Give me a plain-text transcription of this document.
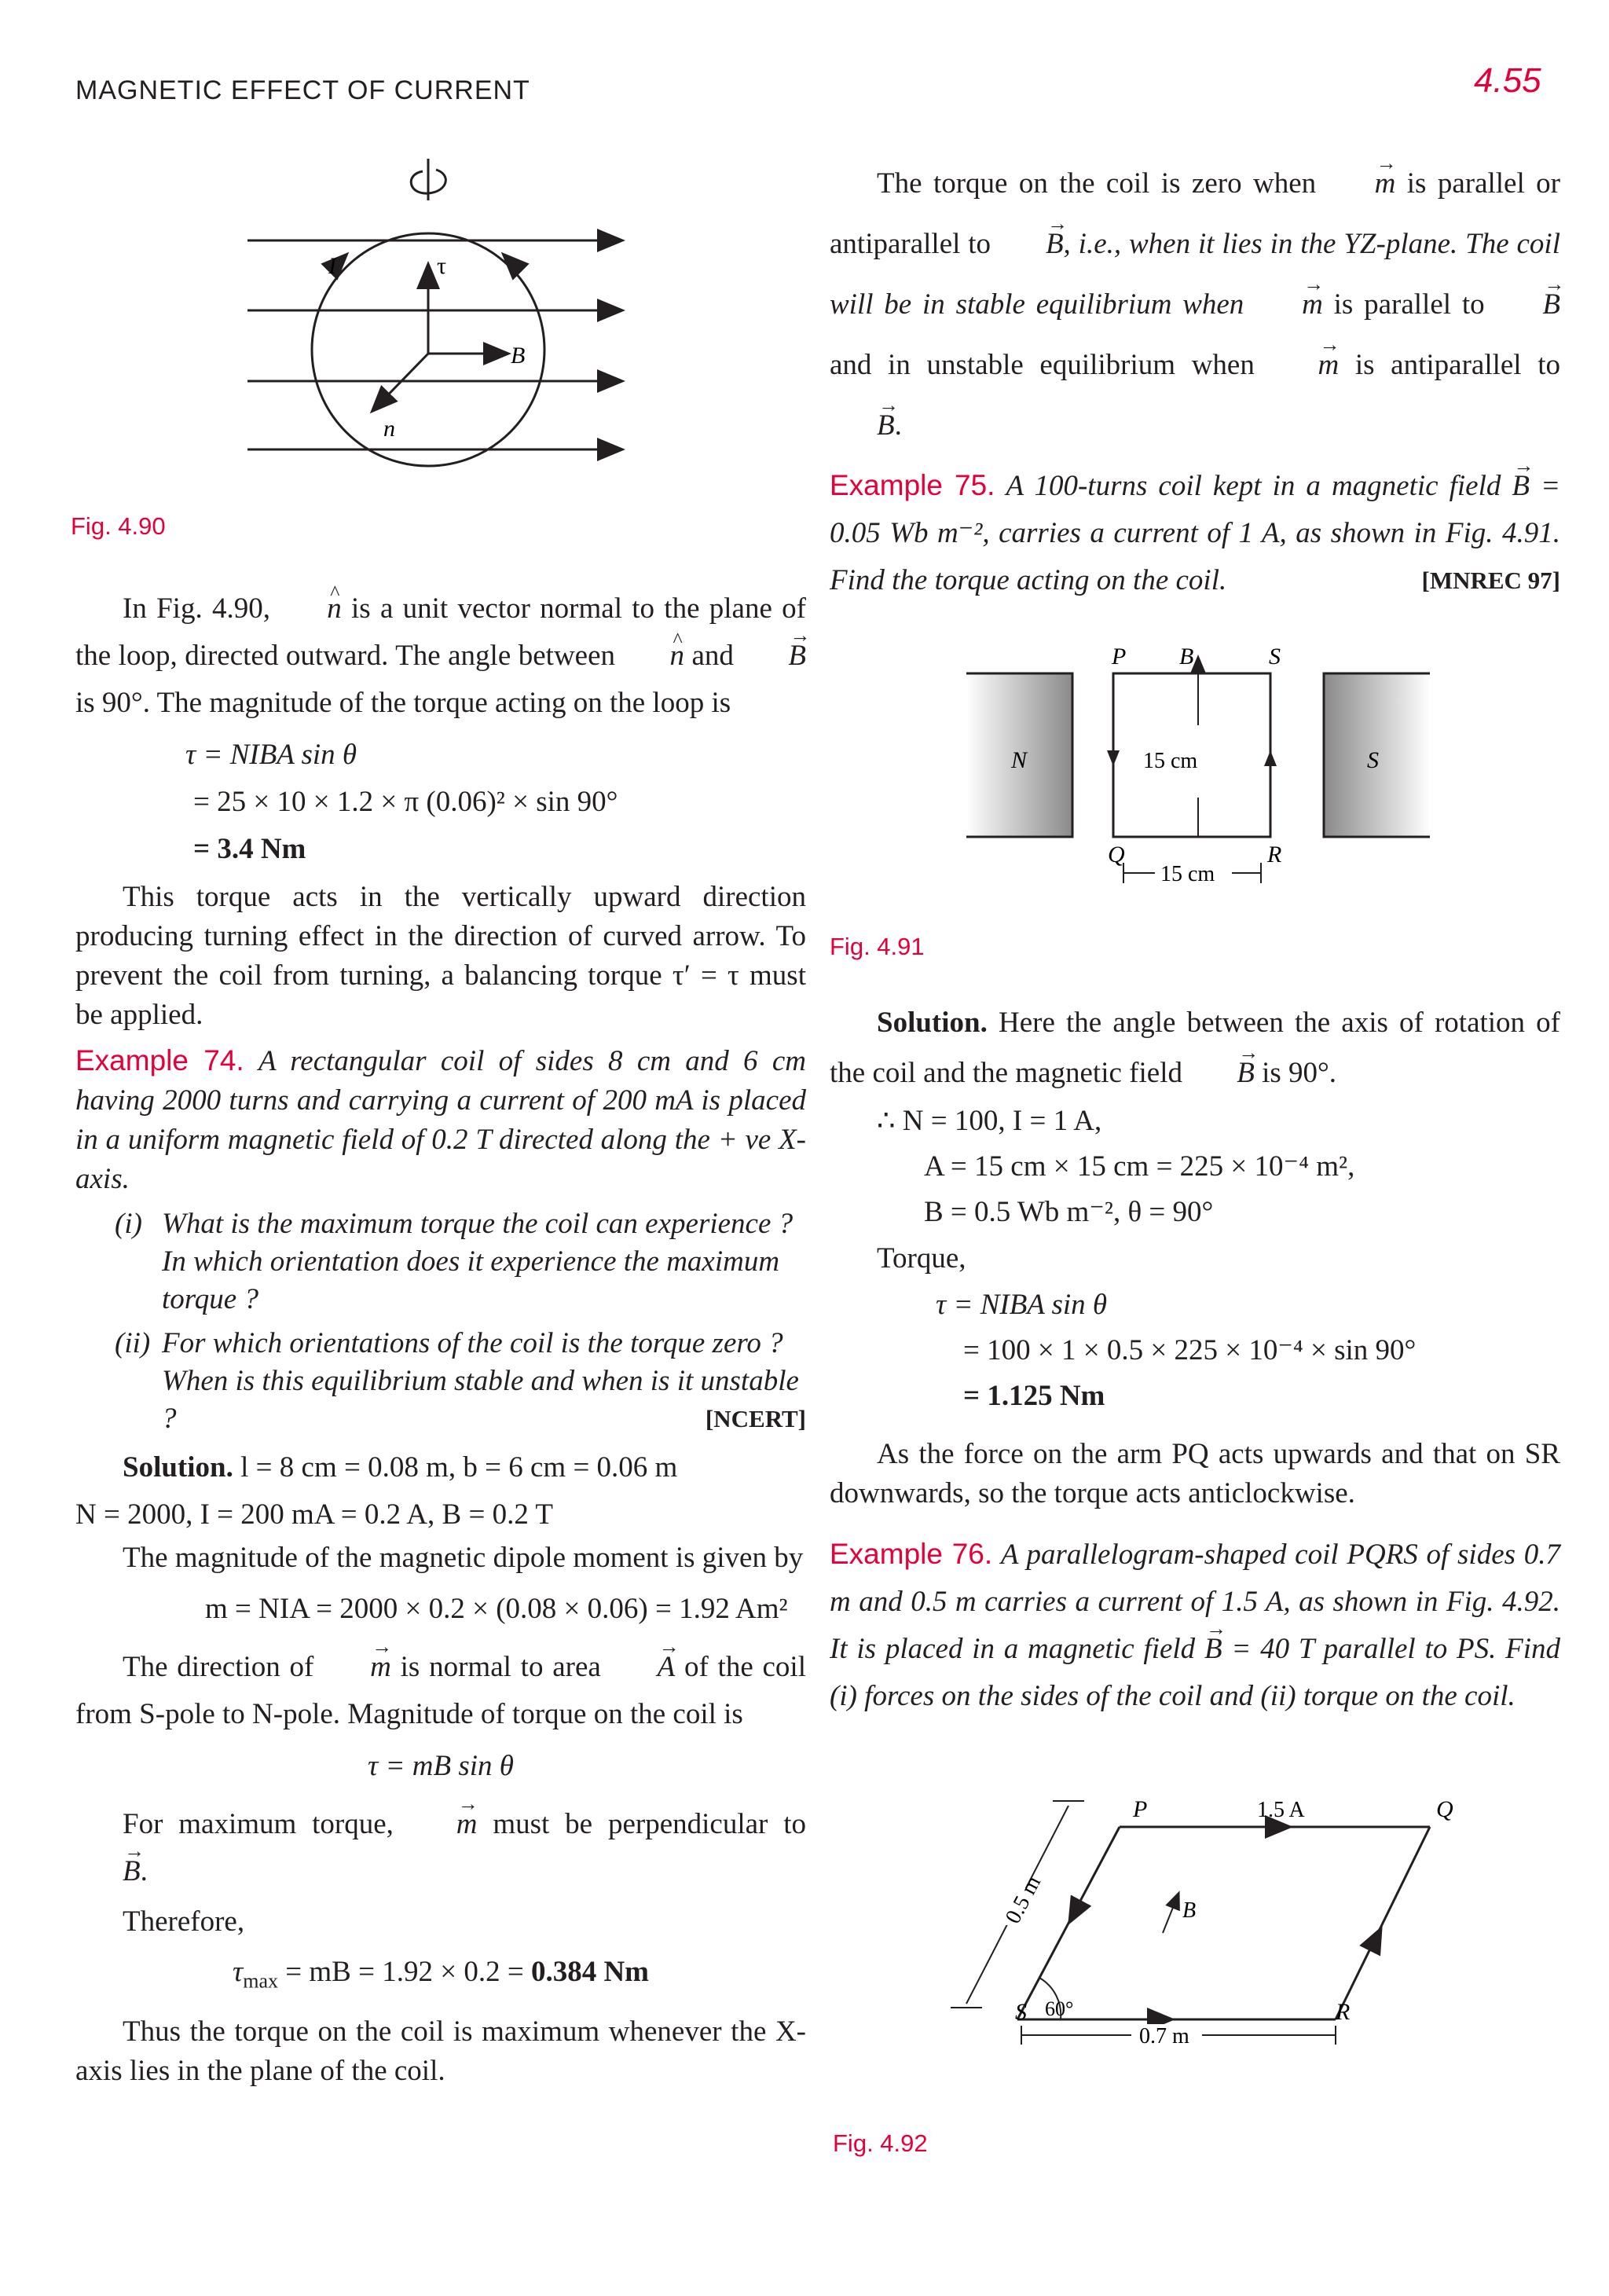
MAGNETIC EFFECT OF CURRENT	4.55
I	τ
B
n
Fig. 4.90

In Fig. 4.90, ^ n is a unit vector normal to the plane of the loop, directed outward. The angle between ^ n and → B is 90°. The magnitude of the torque acting on the loop is

τ = NIBA sin θ
= 25 × 10 × 1.2 × π (0.06)² × sin 90°
= 3.4 Nm

This torque acts in the vertically upward direction producing turning effect in the direction of curved arrow. To prevent the coil from turning, a balancing torque τ′ = τ must be applied.

Example 74. A rectangular coil of sides 8 cm and 6 cm having 2000 turns and carrying a current of 200 mA is placed in a uniform magnetic field of 0.2 T directed along the + ve X-axis.

(i) What is the maximum torque the coil can experience ? In which orientation does it experience the maximum torque ?
(ii) For which orientations of the coil is the torque zero ? When is this equilibrium stable and when is it unstable ?	[NCERT]

Solution. l = 8 cm = 0.08 m, b = 6 cm = 0.06 m

N = 2000, I = 200 mA = 0.2 A, B = 0.2 T

The magnitude of the magnetic dipole moment is given by

m = NIA = 2000 × 0.2 × (0.08 × 0.06) = 1.92 Am²

The direction of → m is normal to area → A of the coil from S-pole to N-pole. Magnitude of torque on the coil is

τ = mB sin θ

For maximum torque, → m must be perpendicular to → B.

Therefore,

$\tau_{max}$ = mB = 1.92 × 0.2 = 0.384 Nm

Thus the torque on the coil is maximum whenever the X-axis lies in the plane of the coil.

The torque on the coil is zero when → m is parallel or antiparallel to → B, i.e., when it lies in the YZ-plane. The coil will be in stable equilibrium when → m is parallel to → B and in unstable equilibrium when → m is antiparallel to → B.

Example 75. A 100-turns coil kept in a magnetic field → B = 0.05 Wb m⁻², carries a current of 1 A, as shown in Fig. 4.91. Find the torque acting on the coil.	[MNREC 97]

P B	S
N	S
15 cm
Q	R
15 cm
Fig. 4.91

Solution. Here the angle between the axis of rotation of the coil and the magnetic field → B is 90°.

∴ N = 100, I = 1 A,
A = 15 cm × 15 cm = 225 × 10⁻⁴ m²,
B = 0.5 Wb m⁻², θ = 90°

Torque,

τ = NIBA sin θ
= 100 × 1 × 0.5 × 225 × 10⁻⁴ × sin 90°
= 1.125 Nm

As the force on the arm PQ acts upwards and that on SR downwards, so the torque acts anticlockwise.

Example 76. A parallelogram-shaped coil PQRS of sides 0.7 m and 0.5 m carries a current of 1.5 A, as shown in Fig. 4.92. It is placed in a magnetic field → B = 40 T parallel to PS. Find (i) forces on the sides of the coil and (ii) torque on the coil.

P	1.5 A	Q
R
S
B
60°
0.7 m
0.5 m
Fig. 4.92
